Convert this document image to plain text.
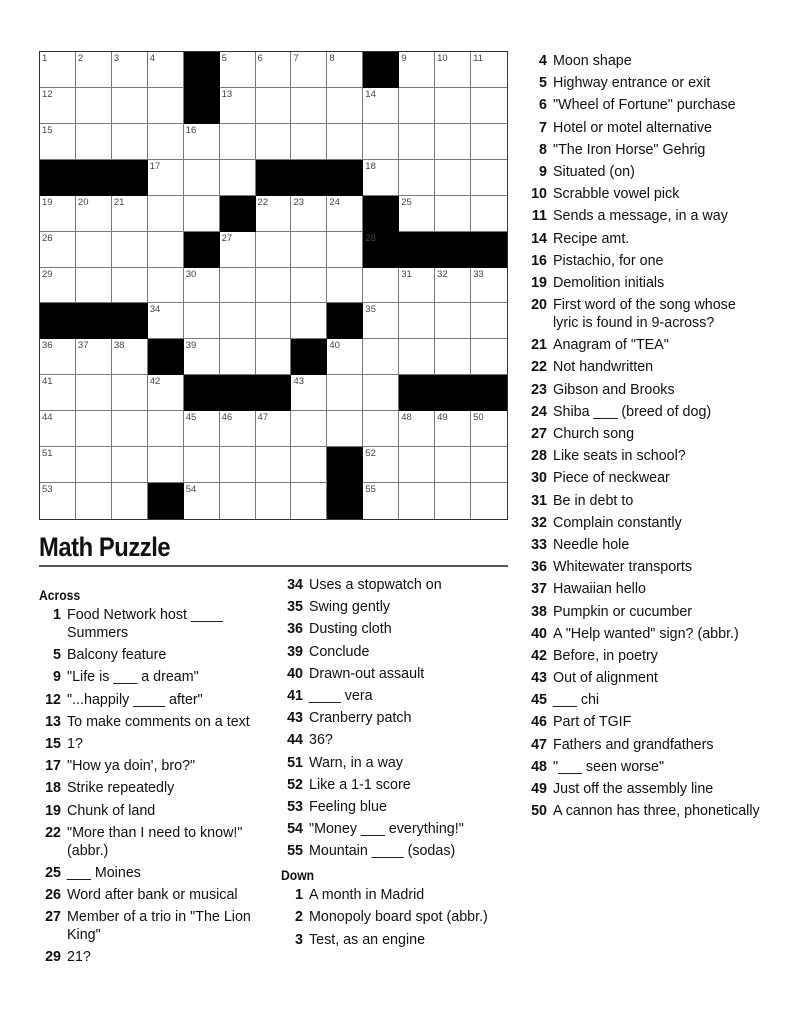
1	2	3	4	5	6	7	8	9	10	11
12	13	14
15	16
17	18
19	20	21	22	23	24	25
26	27	28
29	30	31	32	33
34	35
36	37	38	39	40
41	42	43
44	45	46	47	48	49	50
51	52
53	54	55
Math Puzzle
Across
1 Food Network host ____ Summers
5 Balcony feature
9 "Life is ___ a dream"
12 "...happily ____ after"
13 To make comments on a text
15 1?
17 "How ya doin', bro?"
18 Strike repeatedly
19 Chunk of land
22 "More than I need to know!" (abbr.)
25 ___ Moines
26 Word after bank or musical
27 Member of a trio in "The Lion King"
29 21?
34 Uses a stopwatch on
35 Swing gently
36 Dusting cloth
39 Conclude
40 Drawn-out assault
41 ____ vera
43 Cranberry patch
44 36?
51 Warn, in a way
52 Like a 1-1 score
53 Feeling blue
54 "Money ___ everything!"
55 Mountain ____ (sodas)
Down
1 A month in Madrid
2 Monopoly board spot (abbr.)
3 Test, as an engine
4 Moon shape
5 Highway entrance or exit
6 "Wheel of Fortune" purchase
7 Hotel or motel alternative
8 "The Iron Horse" Gehrig
9 Situated (on)
10 Scrabble vowel pick
11 Sends a message, in a way
14 Recipe amt.
16 Pistachio, for one
19 Demolition initials
20 First word of the song whose lyric is found in 9-across?
21 Anagram of "TEA"
22 Not handwritten
23 Gibson and Brooks
24 Shiba ___ (breed of dog)
27 Church song
28 Like seats in school?
30 Piece of neckwear
31 Be in debt to
32 Complain constantly
33 Needle hole
36 Whitewater transports
37 Hawaiian hello
38 Pumpkin or cucumber
40 A "Help wanted" sign? (abbr.)
42 Before, in poetry
43 Out of alignment
45 ___ chi
46 Part of TGIF
47 Fathers and grandfathers
48 "___ seen worse"
49 Just off the assembly line
50 A cannon has three, phonetically
